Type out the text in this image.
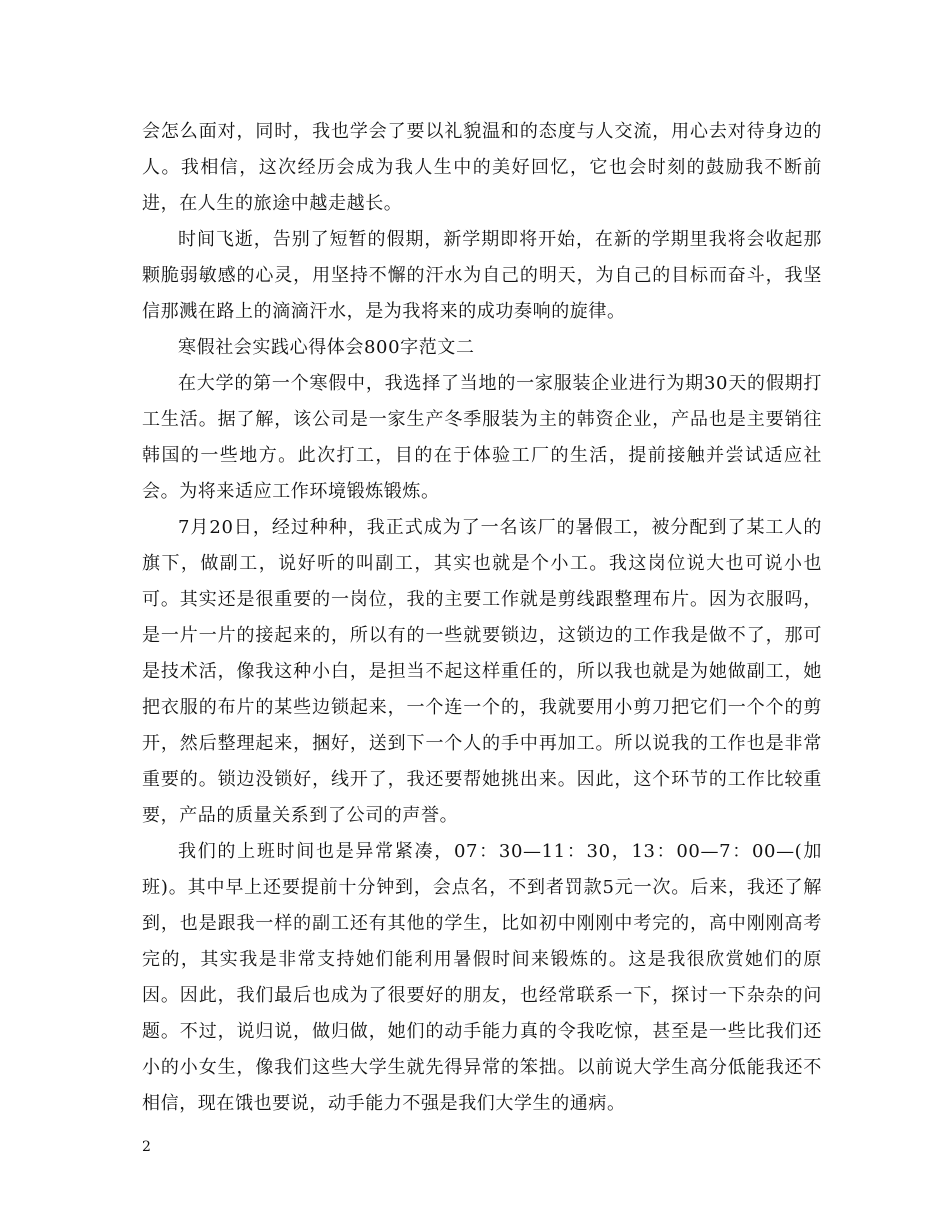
会怎么面对，同时，我也学会了要以礼貌温和的态度与人交流，用心去对待身边的人。我相信，这次经历会成为我人生中的美好回忆，它也会时刻的鼓励我不断前进，在人生的旅途中越走越长。

时间飞逝，告别了短暂的假期，新学期即将开始，在新的学期里我将会收起那颗脆弱敏感的心灵，用坚持不懈的汗水为自己的明天，为自己的目标而奋斗，我坚信那溅在路上的滴滴汗水，是为我将来的成功奏响的旋律。

寒假社会实践心得体会800字范文二

在大学的第一个寒假中，我选择了当地的一家服装企业进行为期30天的假期打工生活。据了解，该公司是一家生产冬季服装为主的韩资企业，产品也是主要销往韩国的一些地方。此次打工，目的在于体验工厂的生活，提前接触并尝试适应社会。为将来适应工作环境锻炼锻炼。

7月20日，经过种种，我正式成为了一名该厂的暑假工，被分配到了某工人的旗下，做副工，说好听的叫副工，其实也就是个小工。我这岗位说大也可说小也可。其实还是很重要的一岗位，我的主要工作就是剪线跟整理布片。因为衣服吗，是一片一片的接起来的，所以有的一些就要锁边，这锁边的工作我是做不了，那可是技术活，像我这种小白，是担当不起这样重任的，所以我也就是为她做副工，她把衣服的布片的某些边锁起来，一个连一个的，我就要用小剪刀把它们一个个的剪开，然后整理起来，捆好，送到下一个人的手中再加工。所以说我的工作也是非常重要的。锁边没锁好，线开了，我还要帮她挑出来。因此，这个环节的工作比较重要，产品的质量关系到了公司的声誉。

我们的上班时间也是异常紧凑，07：30—11：30，13：00—7：00—(加班)。其中早上还要提前十分钟到，会点名，不到者罚款5元一次。后来，我还了解到，也是跟我一样的副工还有其他的学生，比如初中刚刚中考完的，高中刚刚高考完的，其实我是非常支持她们能利用暑假时间来锻炼的。这是我很欣赏她们的原因。因此，我们最后也成为了很要好的朋友，也经常联系一下，探讨一下杂杂的问题。不过，说归说，做归做，她们的动手能力真的令我吃惊，甚至是一些比我们还小的小女生，像我们这些大学生就先得异常的笨拙。以前说大学生高分低能我还不相信，现在饿也要说，动手能力不强是我们大学生的通病。

2
